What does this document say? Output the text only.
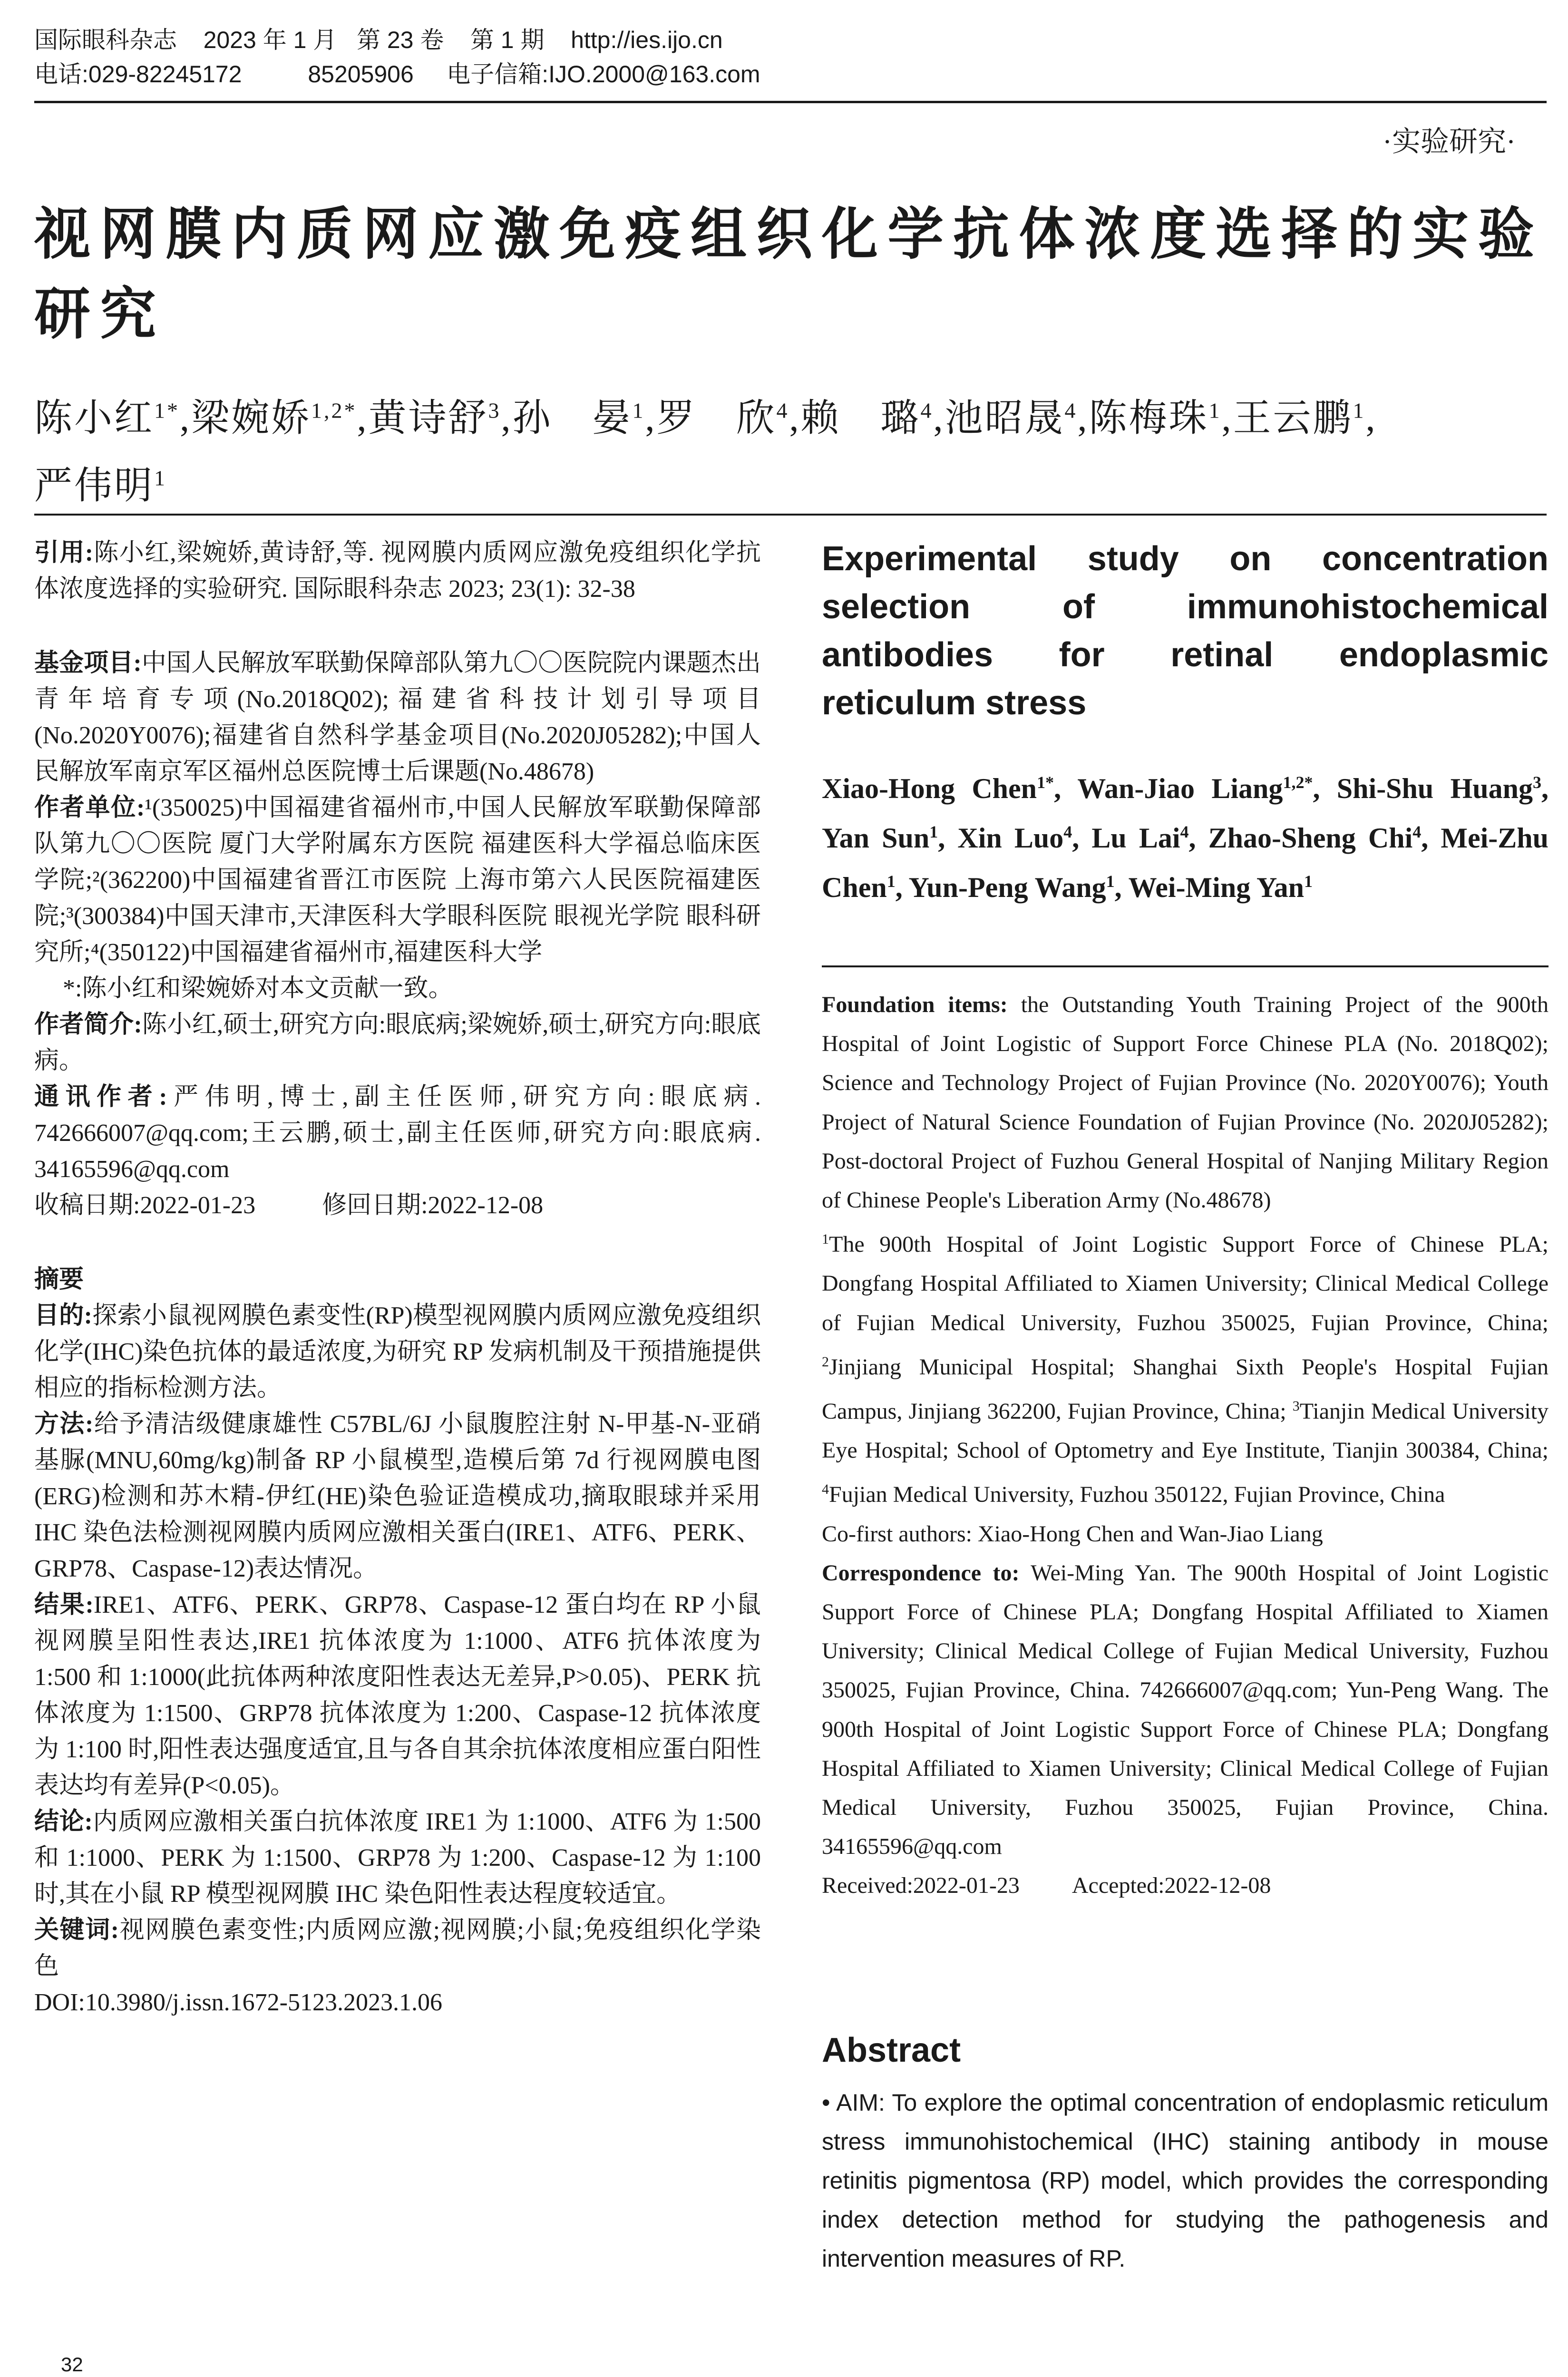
国际眼科杂志    2023 年 1 月   第 23 卷    第 1 期    http://ies.ijo.cn
电话:029-82245172          85205906     电子信箱:IJO.2000@163.com
·实验研究·
视网膜内质网应激免疫组织化学抗体浓度选择的实验研究
陈小红$^{1*}$,梁婉娇$^{1,2*}$,黄诗舒$^3$,孙　晏$^1$,罗　欣$^4$,赖　璐$^4$,池昭晟$^4$,陈梅珠$^1$,王云鹏$^1$,
严伟明$^1$

引用:陈小红,梁婉娇,黄诗舒,等. 视网膜内质网应激免疫组织化学抗体浓度选择的实验研究. 国际眼科杂志 2023; 23(1): 32-38

基金项目:中国人民解放军联勤保障部队第九〇〇医院院内课题杰出青年培育专项(No.2018Q02);福建省科技计划引导项目(No.2020Y0076);福建省自然科学基金项目(No.2020J05282);中国人民解放军南京军区福州总医院博士后课题(No.48678)

作者单位:¹(350025)中国福建省福州市,中国人民解放军联勤保障部队第九〇〇医院 厦门大学附属东方医院 福建医科大学福总临床医学院;²(362200)中国福建省晋江市医院 上海市第六人民医院福建医院;³(300384)中国天津市,天津医科大学眼科医院 眼视光学院 眼科研究所;⁴(350122)中国福建省福州市,福建医科大学

*:陈小红和梁婉娇对本文贡献一致。

作者简介:陈小红,硕士,研究方向:眼底病;梁婉娇,硕士,研究方向:眼底病。

通讯作者:严伟明,博士,副主任医师,研究方向:眼底病. 742666007@qq.com;王云鹏,硕士,副主任医师,研究方向:眼底病. 34165596@qq.com

收稿日期:2022-01-23	修回日期:2022-12-08

摘要

目的:探索小鼠视网膜色素变性(RP)模型视网膜内质网应激免疫组织化学(IHC)染色抗体的最适浓度,为研究 RP 发病机制及干预措施提供相应的指标检测方法。

方法:给予清洁级健康雄性 C57BL/6J 小鼠腹腔注射 N-甲基-N-亚硝基脲(MNU,60mg/kg)制备 RP 小鼠模型,造模后第 7d 行视网膜电图(ERG)检测和苏木精-伊红(HE)染色验证造模成功,摘取眼球并采用 IHC 染色法检测视网膜内质网应激相关蛋白(IRE1、ATF6、PERK、GRP78、Caspase-12)表达情况。

结果:IRE1、ATF6、PERK、GRP78、Caspase-12 蛋白均在 RP 小鼠视网膜呈阳性表达,IRE1 抗体浓度为 1:1000、ATF6 抗体浓度为 1:500 和 1:1000(此抗体两种浓度阳性表达无差异,P>0.05)、PERK 抗体浓度为 1:1500、GRP78 抗体浓度为 1:200、Caspase-12 抗体浓度为 1:100 时,阳性表达强度适宜,且与各自其余抗体浓度相应蛋白阳性表达均有差异(P<0.05)。

结论:内质网应激相关蛋白抗体浓度 IRE1 为 1:1000、ATF6 为 1:500 和 1:1000、PERK 为 1:1500、GRP78 为 1:200、Caspase-12 为 1:100 时,其在小鼠 RP 模型视网膜 IHC 染色阳性表达程度较适宜。

关键词:视网膜色素变性;内质网应激;视网膜;小鼠;免疫组织化学染色

DOI:10.3980/j.issn.1672-5123.2023.1.06

Experimental study on concentration
selection of immunohistochemical
antibodies for retinal endoplasmic
reticulum stress
Xiao-Hong Chen$^{1*}$, Wan-Jiao Liang$^{1,2*}$, Shi-Shu Huang$^3$, Yan Sun$^1$, Xin Luo$^4$, Lu Lai$^4$, Zhao-Sheng Chi$^4$, Mei-Zhu Chen$^1$, Yun-Peng Wang$^1$, Wei-Ming Yan$^1$

Foundation items: the Outstanding Youth Training Project of the 900th Hospital of Joint Logistic of Support Force Chinese PLA (No. 2018Q02); Science and Technology Project of Fujian Province (No. 2020Y0076); Youth Project of Natural Science Foundation of Fujian Province (No. 2020J05282); Post-doctoral Project of Fuzhou General Hospital of Nanjing Military Region of Chinese People's Liberation Army (No.48678)

$^1$The 900th Hospital of Joint Logistic Support Force of Chinese PLA; Dongfang Hospital Affiliated to Xiamen University; Clinical Medical College of Fujian Medical University, Fuzhou 350025, Fujian Province, China; $^2$Jinjiang Municipal Hospital; Shanghai Sixth People's Hospital Fujian Campus, Jinjiang 362200, Fujian Province, China; $^3$Tianjin Medical University Eye Hospital; School of Optometry and Eye Institute, Tianjin 300384, China; $^4$Fujian Medical University, Fuzhou 350122, Fujian Province, China

Co-first authors: Xiao-Hong Chen and Wan-Jiao Liang

Correspondence to: Wei-Ming Yan. The 900th Hospital of Joint Logistic Support Force of Chinese PLA; Dongfang Hospital Affiliated to Xiamen University; Clinical Medical College of Fujian Medical University, Fuzhou 350025, Fujian Province, China. 742666007@qq.com; Yun-Peng Wang. The 900th Hospital of Joint Logistic Support Force of Chinese PLA; Dongfang Hospital Affiliated to Xiamen University; Clinical Medical College of Fujian Medical University, Fuzhou 350025, Fujian Province, China. 34165596@qq.com

Received:2022-01-23 Accepted:2022-12-08

Abstract
• AIM: To explore the optimal concentration of endoplasmic reticulum stress immunohistochemical (IHC) staining antibody in mouse retinitis pigmentosa (RP) model, which provides the corresponding index detection method for studying the pathogenesis and intervention measures of RP.
32
